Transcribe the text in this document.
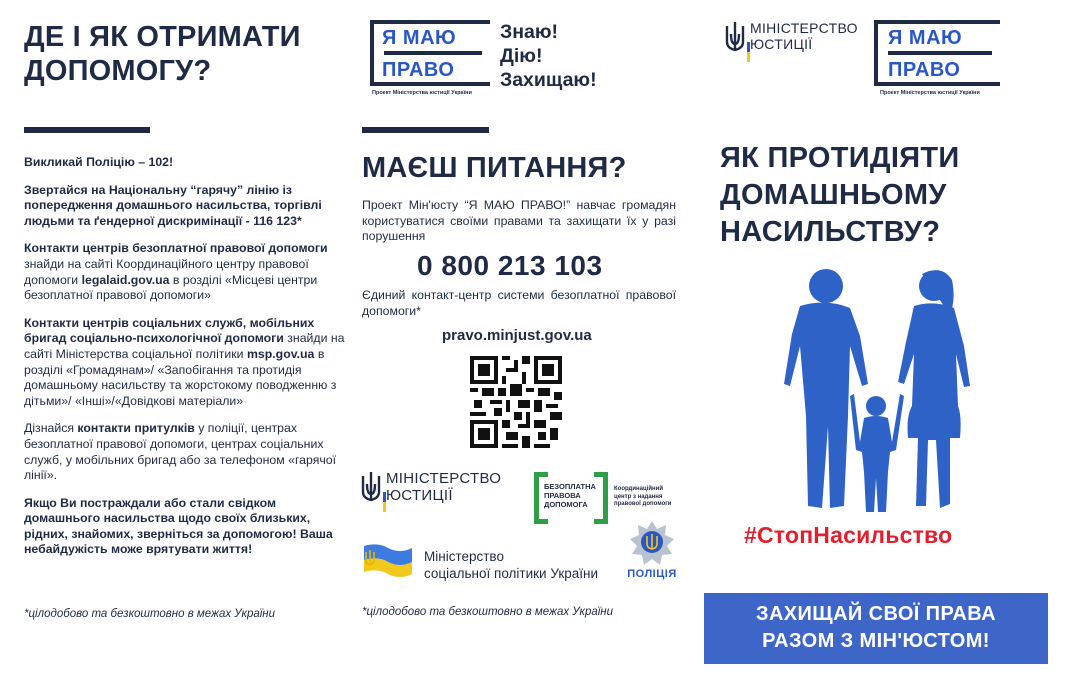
ДЕ І ЯК ОТРИМАТИ
ДОПОМОГУ?

Викликай Поліцію – 102!

Звертайся на Національну “гарячу” лінію із попередження домашнього насильства, торгівлі людьми та ґендерної дискримінації - 116 123*

Контакти центрів безоплатної правової допомоги знайди на сайті Координаційного центру правової допомоги legalaid.gov.ua в розділі «Місцеві центри безоплатної правової допомоги»

Контакти центрів соціальних служб, мобільних бригад соціально-психологічної допомоги знайди на сайті Міністерства соціальної політики msp.gov.ua в розділі «Громадянам»/ «Запобігання та протидія домашньому насильству та жорстокому поводженню з дітьми»/ «Інші»/«Довідкові матеріали»

Дізнайся контакти притулків у поліції, центрах безоплатної правової допомоги, центрах соціальних служб, у мобільних бригад або за телефоном «гарячої лінії».

Якщо Ви постраждали або стали свідком домашнього насильства щодо своїх близьких, рідних, знайомих, зверніться за допомогою! Ваша небайдужість може врятувати життя!

*цілодобово та безкоштовно в межах України
Я МАЮ
ПРАВО
Проект Міністерства юстиції України
Знаю!
Дію!
Захищаю!
МАЄШ ПИТАННЯ?
Проект Мін'юсту “Я МАЮ ПРАВО!” навчає громадян користуватися своїми правами та захищати їх у разі порушення
0 800 213 103
Єдиний контакт-центр системи безоплатної правової допомоги*
pravo.minjust.gov.ua
МІНІСТЕРСТВО
ЮСТИЦІЇ
БЕЗОПЛАТНА
ПРАВОВА
ДОПОМОГА
Координаційний
центр з надання
правової допомоги
Міністерство
соціальної політики України	ПОЛІЦІЯ
*цілодобово та безкоштовно в межах України
МІНІСТЕРСТВО
ЮСТИЦІЇ	Я МАЮ
ПРАВО
Проект Міністерства юстиції України
ЯК ПРОТИДІЯТИ
ДОМАШНЬОМУ
НАСИЛЬСТВУ?
#СтопНасильство
ЗАХИЩАЙ СВОЇ ПРАВА
РАЗОМ З МІН'ЮСТОМ!
